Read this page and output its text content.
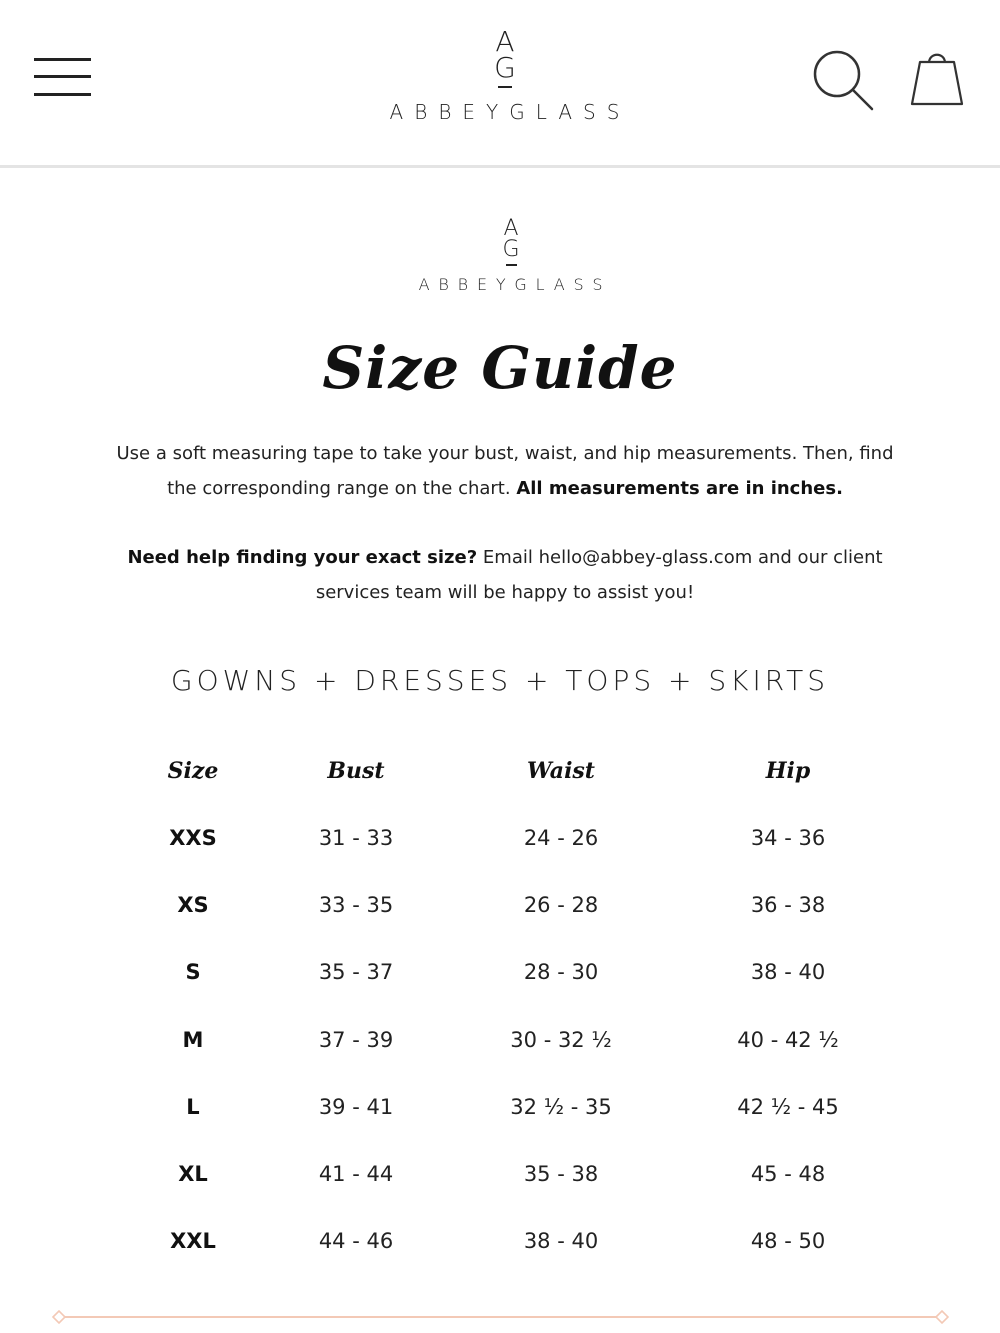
A
G
ABBEYGLASS
A
G
ABBEYGLASS
Size Guide

Use a soft measuring tape to take your bust, waist, and hip measurements. Then, find the corresponding range on the chart. All measurements are in inches.

Need help finding your exact size? Email hello@abbey-glass.com and our client services team will be happy to assist you!

GOWNS + DRESSES + TOPS + SKIRTS
Size	Bust	Waist	Hip
XXS	31 - 33	24 - 26	34 - 36
XS	33 - 35	26 - 28	36 - 38
S	35 - 37	28 - 30	38 - 40
M	37 - 39	30 - 32 ½	40 - 42 ½
L	39 - 41	32 ½ - 35	42 ½ - 45
XL	41 - 44	35 - 38	45 - 48
XXL	44 - 46	38 - 40	48 - 50
